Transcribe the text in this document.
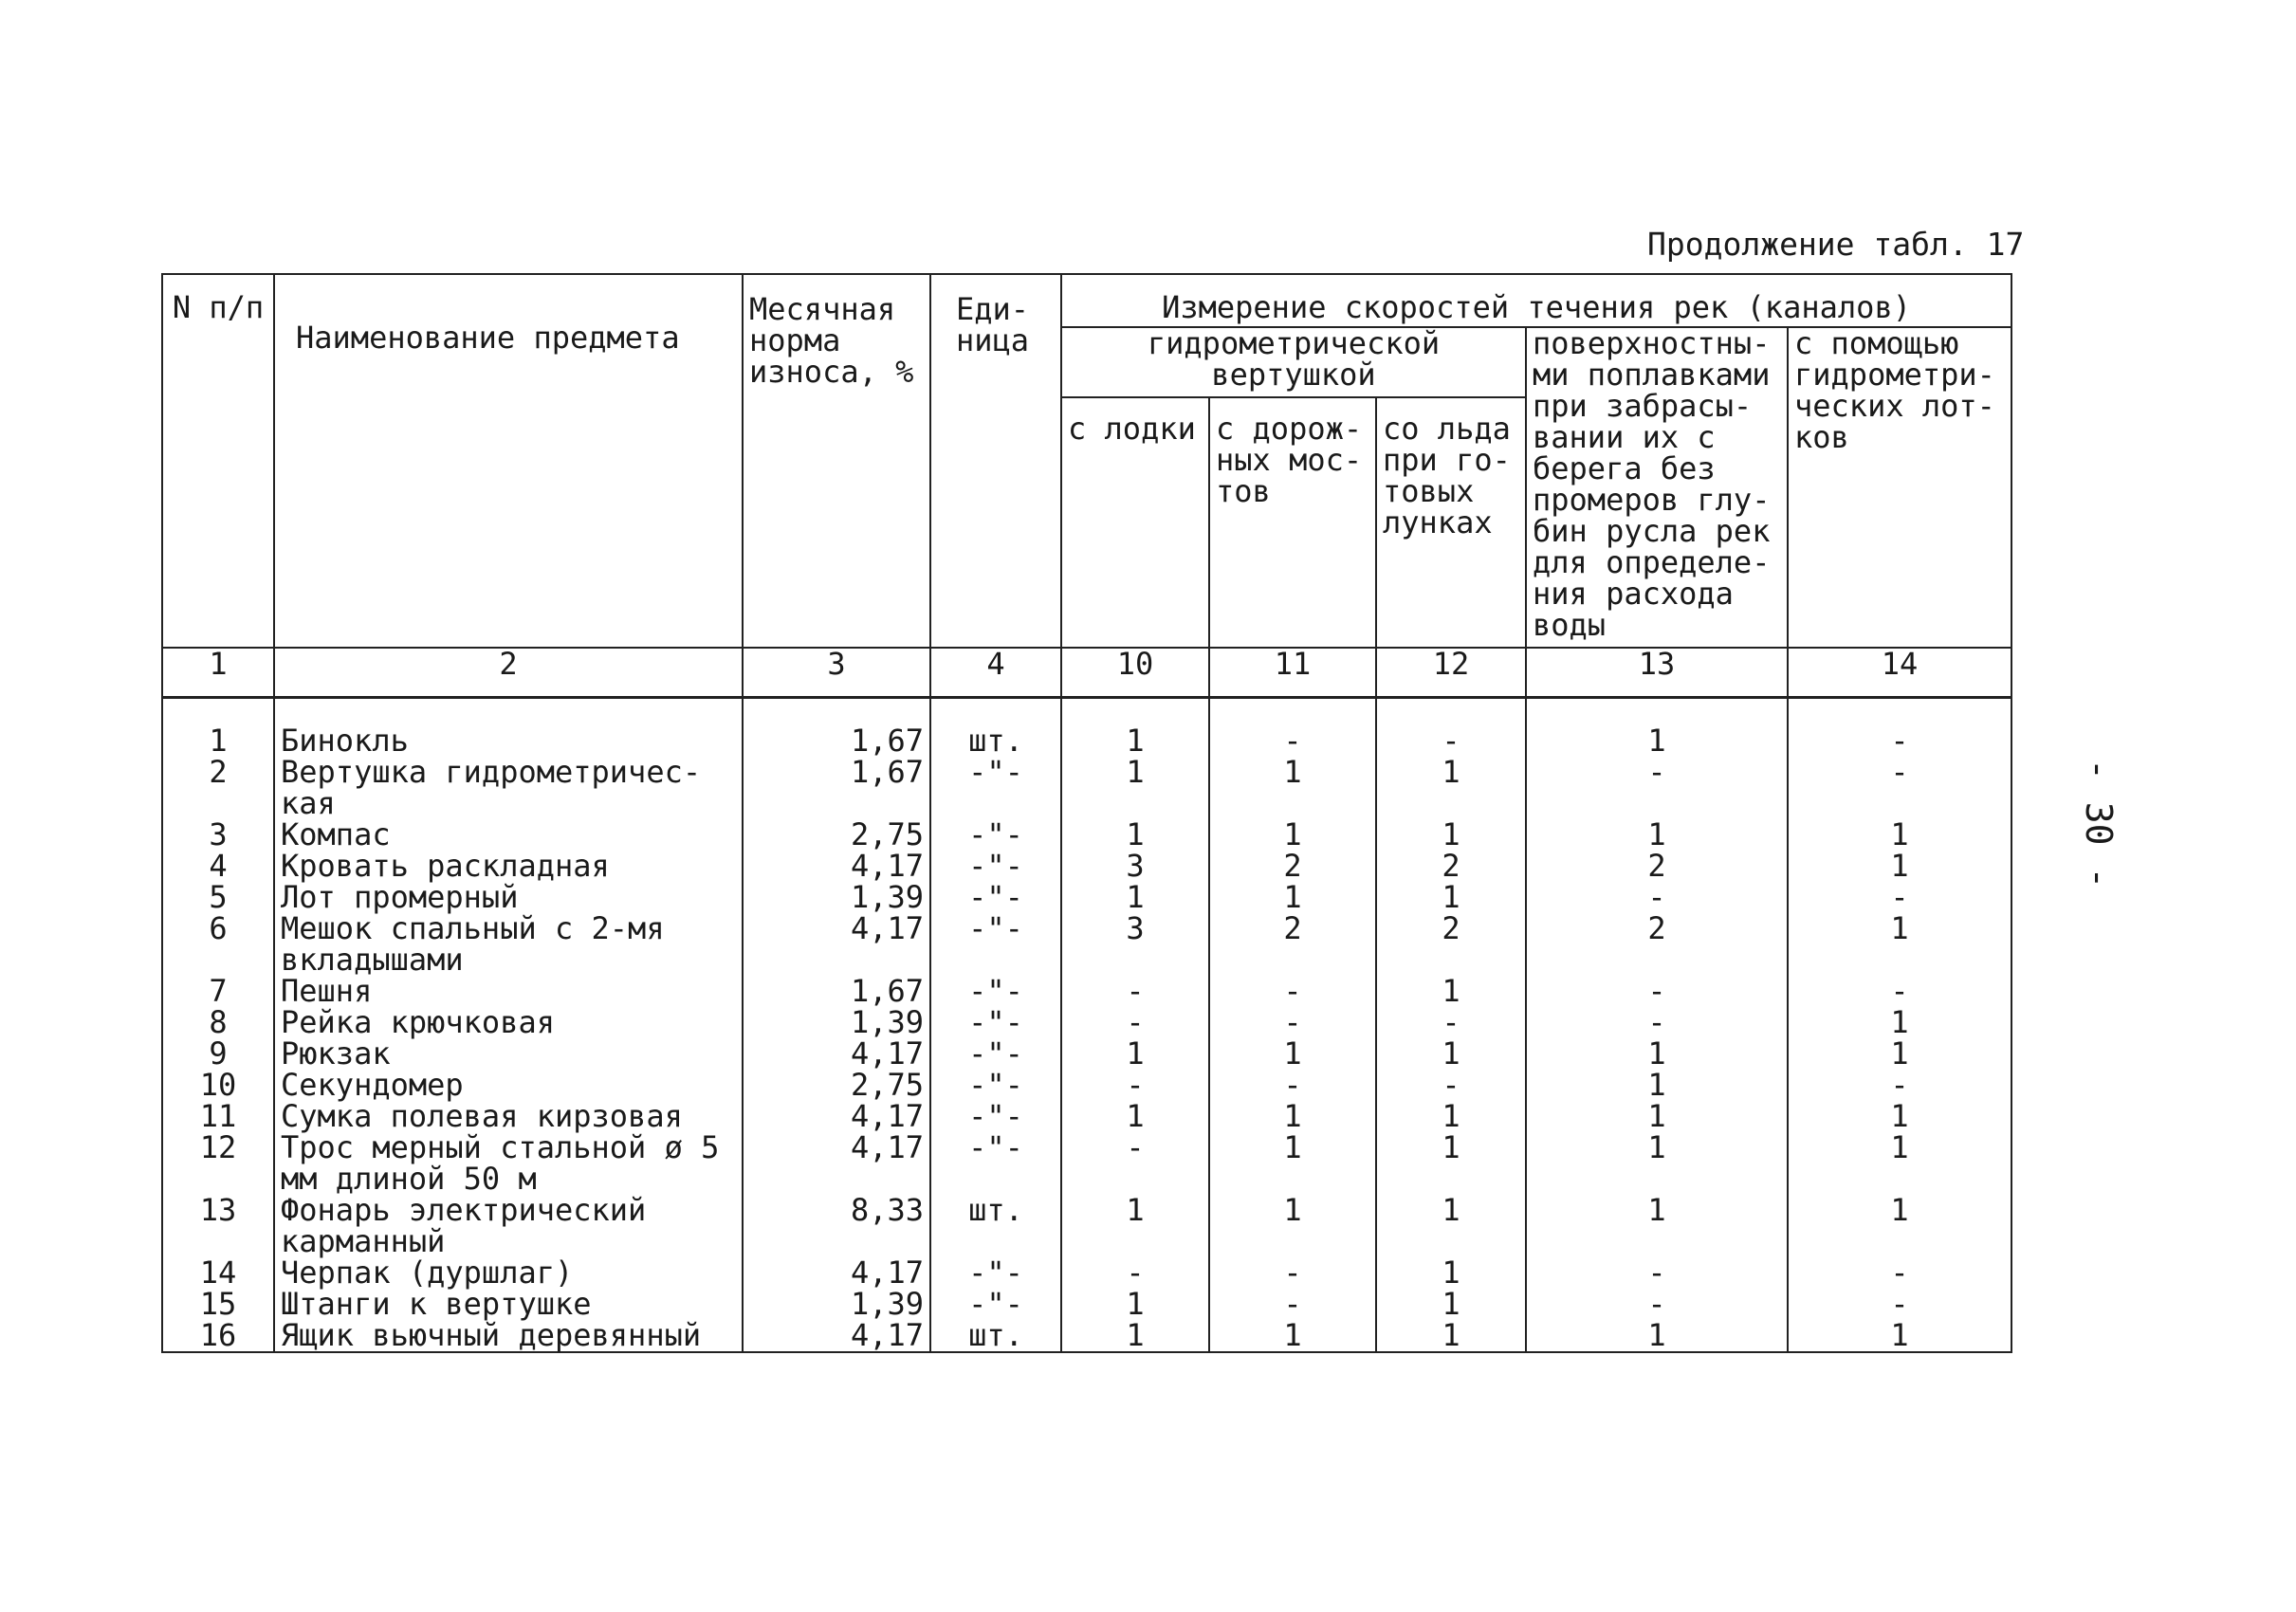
- 30 -
Продолжение табл. 17
N п/п	Наименование предмета	Месячная норма износа, %	Еди- ница	Измерение скоростей течения рек (каналов)				
				гидрометрической вертушкой			поверхностны- ми поплавками при забрасы- вании их с берега без промеров глу- бин русла рек для определе- ния расхода воды	с помощью гидрометри- ческих лот- ков
				с лодки	с дорож- ных мос- тов	со льда при го- товых лунках		
1	2	3	4	10	11	12	13	14

1	Бинокль	1,67	шт.	1	-	-	1	-
2	Вертушка гидрометричес- кая	1,67	-"-	1	1	1	-	-
3	Компас	2,75	-"-	1	1	1	1	1
4	Кровать раскладная	4,17	-"-	3	2	2	2	1
5	Лот промерный	1,39	-"-	1	1	1	-	-
6	Мешок спальный с 2-мя вкладышами	4,17	-"-	3	2	2	2	1
7	Пешня	1,67	-"-	-	-	1	-	-
8	Рейка крючковая	1,39	-"-	-	-	-	-	1
9	Рюкзак	4,17	-"-	1	1	1	1	1
10	Секундомер	2,75	-"-	-	-	-	1	-
11	Сумка полевая кирзовая	4,17	-"-	1	1	1	1	1
12	Трос мерный стальной ø 5 мм длиной 50 м	4,17	-"-	-	1	1	1	1
13	Фонарь электрический карманный	8,33	шт.	1	1	1	1	1
14	Черпак (дуршлаг)	4,17	-"-	-	-	1	-	-
15	Штанги к вертушке	1,39	-"-	1	-	1	-	-
16	Ящик вьючный деревянный	4,17	шт.	1	1	1	1	1
